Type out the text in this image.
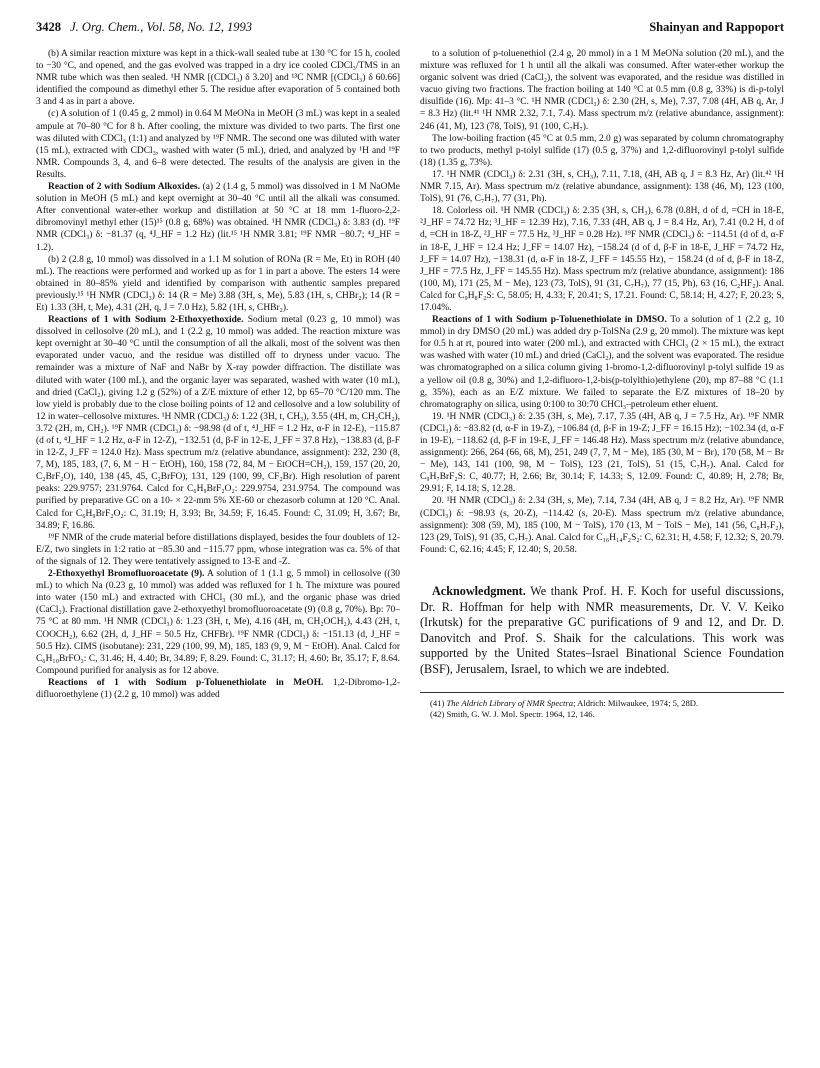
3428 J. Org. Chem., Vol. 58, No. 12, 1993	Shainyan and Rappoport

(b) A similar reaction mixture was kept in a thick-wall sealed tube at 130 °C for 15 h, cooled to −30 °C, and opened, and the gas evolved was trapped in a dry ice cooled CDCl₃/TMS in an NMR tube which was then sealed. ¹H NMR [(CDCl₃) δ 3.20] and ¹³C NMR [(CDCl₃) δ 60.66] identified the compound as dimethyl ether 5. The residue after evaporation of 5 contained both 3 and 4 as in part a above.

(c) A solution of 1 (0.45 g, 2 mmol) in 0.64 M MeONa in MeOH (3 mL) was kept in a sealed ampule at 70–80 °C for 8 h. After cooling, the mixture was divided to two parts. The first one was diluted with CDCl₃ (1:1) and analyzed by ¹⁹F NMR. The second one was diluted with water (15 mL), extracted with CDCl₃, washed with water (5 mL), dried, and analyzed by ¹H and ¹⁹F NMR. Compounds 3, 4, and 6–8 were detected. The results of the analysis are given in the Results.

Reaction of 2 with Sodium Alkoxides. (a) 2 (1.4 g, 5 mmol) was dissolved in 1 M NaOMe solution in MeOH (5 mL) and kept overnight at 30–40 °C until all the alkali was consumed. After conventional water-ether workup and distillation at 50 °C at 18 mm 1-fluoro-2,2-dibromovinyl methyl ether (15)¹⁵ (0.8 g, 68%) was obtained. ¹H NMR (CDCl₃) δ: 3.83 (d). ¹⁹F NMR (CDCl₃) δ: −81.37 (q, ⁴J_HF = 1.2 Hz) (lit.¹⁵ ¹H NMR 3.81; ¹⁹F NMR −80.7; ⁴J_HF = 1.2).

(b) 2 (2.8 g, 10 mmol) was dissolved in a 1.1 M solution of RONa (R = Me, Et) in ROH (40 mL). The reactions were performed and worked up as for 1 in part a above. The esters 14 were obtained in 80–85% yield and identified by comparison with authentic samples prepared previously.¹⁵ ¹H NMR (CDCl₃) δ: 14 (R = Me) 3.88 (3H, s, Me), 5.83 (1H, s, CHBr₂); 14 (R = Et) 1.33 (3H, t, Me), 4.31 (2H, q, J = 7.0 Hz), 5.82 (1H, s, CHBr₂).

Reactions of 1 with Sodium 2-Ethoxyethoxide. Sodium metal (0.23 g, 10 mmol) was dissolved in cellosolve (20 mL), and 1 (2.2 g, 10 mmol) was added. The reaction mixture was kept overnight at 30–40 °C until the consumption of all the alkali, most of the solvent was then evaporated under vacuo, and the residue was distilled off to dryness under vacuo. The remainder was a mixture of NaF and NaBr by X-ray powder diffraction. The distillate was diluted with water (100 mL), and the organic layer was separated, washed with water (10 mL), and dried (CaCl₂), giving 1.2 g (52%) of a Z/E mixture of ether 12, bp 65–70 °C/120 mm. The low yield is probably due to the close boiling points of 12 and cellosolve and a low solubility of 12 in water–cellosolve mixtures. ¹H NMR (CDCl₃) δ: 1.22 (3H, t, CH₃), 3.55 (4H, m, CH₂CH₂), 3.72 (2H, m, CH₂). ¹⁹F NMR (CDCl₃) δ: −98.98 (d of t, ⁴J_HF = 1.2 Hz, α-F in 12-E), −115.87 (d of t, ⁴J_HF = 1.2 Hz, α-F in 12-Z), −132.51 (d, β-F in 12-E, J_FF = 37.8 Hz), −138.83 (d, β-F in 12-Z, J_FF = 124.0 Hz). Mass spectrum m/z (relative abundance, assignment): 232, 230 (8, 7, M), 185, 183, (7, 6, M − H − EtOH), 160, 158 (72, 84, M − EtOCH=CH₂), 159, 157 (20, 20, C₂BrF₂O), 140, 138 (45, 45, C₂BrFO), 131, 129 (100, 99, CF₂Br). High resolution of parent peaks: 229.9757; 231.9764. Calcd for C₆H₉BrF₂O₂: 229.9754, 231.9754. The compound was purified by preparative GC on a 10- × 22-mm 5% XE-60 or chezasorb column at 120 °C. Anal. Calcd for C₆H₉BrF₂O₂: C, 31.19; H, 3.93; Br, 34.59; F, 16.45. Found: C, 31.09; H, 3.67; Br, 34.89; F, 16.86.

¹⁹F NMR of the crude material before distillations displayed, besides the four doublets of 12-E/Z, two singlets in 1:2 ratio at −85.30 and −115.77 ppm, whose integration was ca. 5% of that of the signals of 12. They were tentatively assigned to 13-E and -Z.

2-Ethoxyethyl Bromofluoroacetate (9). A solution of 1 (1.1 g, 5 mmol) in cellosolve ((30 mL) to which Na (0.23 g, 10 mmol) was added was refluxed for 1 h. The mixture was poured into water (150 mL) and extracted with CHCl₃ (30 mL), and the organic phase was dried (CaCl₂). Fractional distillation gave 2-ethoxyethyl bromofluoroacetate (9) (0.8 g, 70%). Bp: 70–75 °C at 80 mm. ¹H NMR (CDCl₃) δ: 1.23 (3H, t, Me), 4.16 (4H, m, CH₂OCH₂), 4.43 (2H, t, COOCH₂), 6.62 (2H, d, J_HF = 50.5 Hz, CHFBr). ¹⁹F NMR (CDCl₃) δ: −151.13 (d, J_HF = 50.5 Hz). CIMS (isobutane): 231, 229 (100, 99, M), 185, 183 (9, 9, M − EtOH). Anal. Calcd for C₆H₁₀BrFO₃: C, 31.46; H, 4.40; Br, 34.89; F, 8.29. Found: C, 31.17; H, 4.60; Br, 35.17; F, 8.64. Compound purified for analysis as for 12 above.

Reactions of 1 with Sodium p-Toluenethiolate in MeOH. 1,2-Dibromo-1,2-difluoroethylene (1) (2.2 g, 10 mmol) was added

to a solution of p-toluenethiol (2.4 g, 20 mmol) in a 1 M MeONa solution (20 mL), and the mixture was refluxed for 1 h until all the alkali was consumed. After water-ether workup the organic solvent was dried (CaCl₂), the solvent was evaporated, and the residue was distilled in vacuo giving two fractions. The fraction boiling at 140 °C at 0.5 mm (0.8 g, 33%) is di-p-tolyl disulfide (16). Mp: 41–3 °C. ¹H NMR (CDCl₃) δ: 2.30 (2H, s, Me), 7.37, 7.08 (4H, AB q, Ar, J = 8.3 Hz) (lit.⁴¹ ¹H NMR 2.32, 7.1, 7.4). Mass spectrum m/z (relative abundance, assignment): 246 (41, M), 123 (78, TolS), 91 (100, C₇H₇).

The low-boiling fraction (45 °C at 0.5 mm, 2.0 g) was separated by column chromatography to two products, methyl p-tolyl sulfide (17) (0.5 g, 37%) and 1,2-difluorovinyl p-tolyl sulfide (18) (1.35 g, 73%).

17. ¹H NMR (CDCl₃) δ: 2.31 (3H, s, CH₃), 7.11, 7.18, (4H, AB q, J = 8.3 Hz, Ar) (lit.⁴² ¹H NMR 7.15, Ar). Mass spectrum m/z (relative abundance, assignment): 138 (46, M), 123 (100, TolS), 91 (76, C₇H₇), 77 (31, Ph).

18. Colorless oil. ¹H NMR (CDCl₃) δ: 2.35 (3H, s, CH₃), 6.78 (0.8H, d of d, =CH in 18-E, ²J_HF = 74.72 Hz; ³J_HF = 12.39 Hz), 7.16, 7.33 (4H, AB q, J = 8.4 Hz, Ar), 7.41 (0.2 H, d of d, =CH in 18-Z, ²J_HF = 77.5 Hz, ³J_HF = 0.28 Hz). ¹⁹F NMR (CDCl₃) δ: −114.51 (d of d, α-F in 18-E, J_HF = 12.4 Hz; J_FF = 14.07 Hz), −158.24 (d of d, β-F in 18-E, J_HF = 74.72 Hz, J_FF = 14.07 Hz), −138.31 (d, α-F in 18-Z, J_FF = 145.55 Hz), − 158.24 (d of d, β-F in 18-Z, J_HF = 77.5 Hz, J_FF = 145.55 Hz). Mass spectrum m/z (relative abundance, assignment): 186 (100, M), 171 (25, M − Me), 123 (73, TolS), 91 (31, C₇H₇), 77 (15, Ph), 63 (16, C₂HF₂). Anal. Calcd for C₉H₈F₂S: C, 58.05; H, 4.33; F, 20.41; S, 17.21. Found: C, 58.14; H, 4.27; F, 20.23; S, 17.04%.

Reactions of 1 with Sodium p-Toluenethiolate in DMSO. To a solution of 1 (2.2 g, 10 mmol) in dry DMSO (20 mL) was added dry p-TolSNa (2.9 g, 20 mmol). The mixture was kept for 0.5 h at rt, poured into water (200 mL), and extracted with CHCl₃ (2 × 15 mL), the extract was washed with water (10 mL) and dried (CaCl₂), and the solvent was evaporated. The residue was chromatographed on a silica column giving 1-bromo-1,2-difluorovinyl p-tolyl sulfide 19 as a yellow oil (0.8 g, 30%) and 1,2-difluoro-1,2-bis(p-tolylthio)ethylene (20), mp 87–88 °C (1.1 g, 35%), each as an E/Z mixture. We failed to separate the E/Z mixtures of 18–20 by chromatography on silica, using 0:100 to 30:70 CHCl₃–petroleum ether eluent.

19. ¹H NMR (CDCl₃) δ: 2.35 (3H, s, Me), 7.17, 7.35 (4H, AB q, J = 7.5 Hz, Ar). ¹⁹F NMR (CDCl₃) δ: −83.82 (d, α-F in 19-Z), −106.84 (d, β-F in 19-Z; J_FF = 16.15 Hz); −102.34 (d, α-F in 19-E), −118.62 (d, β-F in 19-E, J_FF = 146.48 Hz). Mass spectrum m/z (relative abundance, assignment): 266, 264 (66, 68, M), 251, 249 (7, 7, M − Me), 185 (30, M − Br), 170 (58, M − Br − Me), 143, 141 (100, 98, M − TolS), 123 (21, TolS), 51 (15, C₇H₇). Anal. Calcd for C₉H₇BrF₂S: C, 40.77; H, 2.66; Br, 30.14; F, 14.33; S, 12.09. Found: C, 40.89; H, 2.78; Br, 29.91; F, 14.18; S, 12.28.

20. ¹H NMR (CDCl₃) δ: 2.34 (3H, s, Me), 7.14, 7.34 (4H, AB q, J = 8.2 Hz, Ar). ¹⁹F NMR (CDCl₃) δ: −98.93 (s, 20-Z), −114.42 (s, 20-E). Mass spectrum m/z (relative abundance, assignment): 308 (59, M), 185 (100, M − TolS), 170 (13, M − TolS − Me), 141 (56, C₈H₇F₂), 123 (29, TolS), 91 (35, C₇H₇). Anal. Calcd for C₁₆H₁₄F₂S₂: C, 62.31; H, 4.58; F, 12.32; S, 20.79. Found: C, 62.16; 4.45; F, 12.40; S, 20.58.

Acknowledgment. We thank Prof. H. F. Koch for useful discussions, Dr. R. Hoffman for help with NMR measurements, Dr. V. V. Keiko (Irkutsk) for the preparative GC purifications of 9 and 12, and Dr. D. Danovitch and Prof. S. Shaik for the calculations. This work was supported by the United States–Israel Binational Science Foundation (BSF), Jerusalem, Israel, to which we are indebted.
(41) The Aldrich Library of NMR Spectra; Aldrich: Milwaukee, 1974; 5, 28D.
(42) Smith, G. W. J. Mol. Spectr. 1964, 12, 146.
